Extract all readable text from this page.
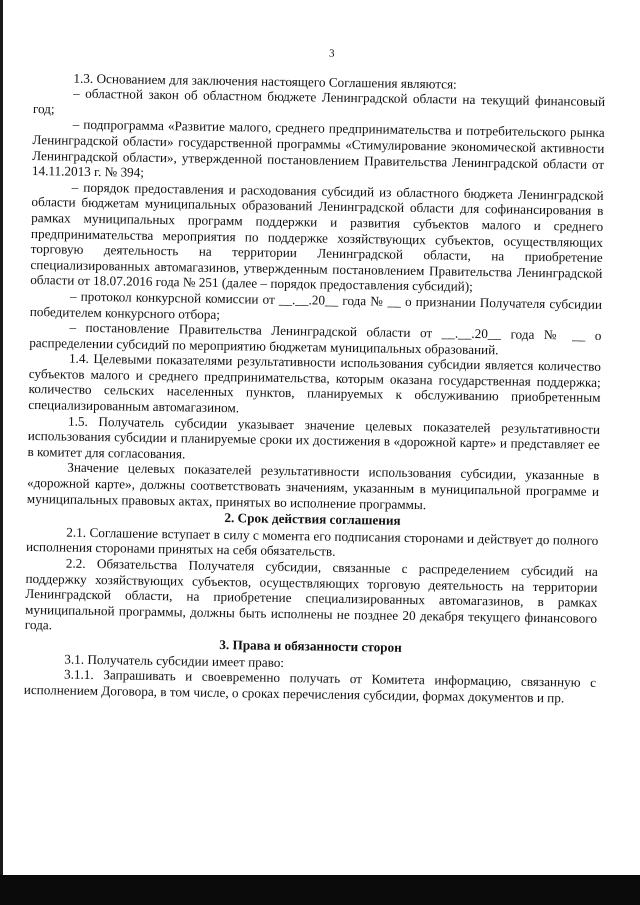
3

1.3. Основанием для заключения настоящего Соглашения являются:

– областной закон об областном бюджете Ленинградской области на текущий финансовый год;

– подпрограмма «Развитие малого, среднего предпринимательства и потребительского рынка Ленинградской области» государственной программы «Стимулирование экономической активности Ленинградской области», утвержденной постановлением Правительства Ленинградской области от 14.11.2013 г. № 394;

– порядок предоставления и расходования субсидий из областного бюджета Ленинградской области бюджетам муниципальных образований Ленинградской области для софинансирования в рамках муниципальных программ поддержки и развития субъектов малого и среднего предпринимательства мероприятия по поддержке хозяйствующих субъектов, осуществляющих торговую деятельность на территории Ленинградской области, на приобретение специализированных автомагазинов, утвержденным постановлением Правительства Ленинградской области от 18.07.2016 года № 251 (далее – порядок предоставления субсидий);

– протокол конкурсной комиссии от __.__.20__ года № __ о признании Получателя субсидии победителем конкурсного отбора;

– постановление Правительства Ленинградской области от __.__.20__ года № __ о распределении субсидий по мероприятию бюджетам муниципальных образований.

1.4. Целевыми показателями результативности использования субсидии является количество субъектов малого и среднего предпринимательства, которым оказана государственная поддержка; количество сельских населенных пунктов, планируемых к обслуживанию приобретенным специализированным автомагазином.

1.5. Получатель субсидии указывает значение целевых показателей результативности использования субсидии и планируемые сроки их достижения в «дорожной карте» и представляет ее в комитет для согласования.

Значение целевых показателей результативности использования субсидии, указанные в «дорожной карте», должны соответствовать значениям, указанным в муниципальной программе и муниципальных правовых актах, принятых во исполнение программы.

2. Срок действия соглашения

2.1. Соглашение вступает в силу с момента его подписания сторонами и действует до полного исполнения сторонами принятых на себя обязательств.

2.2. Обязательства Получателя субсидии, связанные с распределением субсидий на поддержку хозяйствующих субъектов, осуществляющих торговую деятельность на территории Ленинградской области, на приобретение специализированных автомагазинов, в рамках муниципальной программы, должны быть исполнены не позднее 20 декабря текущего финансового года.

3. Права и обязанности сторон

3.1. Получатель субсидии имеет право:

3.1.1. Запрашивать и своевременно получать от Комитета информацию, связанную с исполнением Договора, в том числе, о сроках перечисления субсидии, формах документов и пр.
